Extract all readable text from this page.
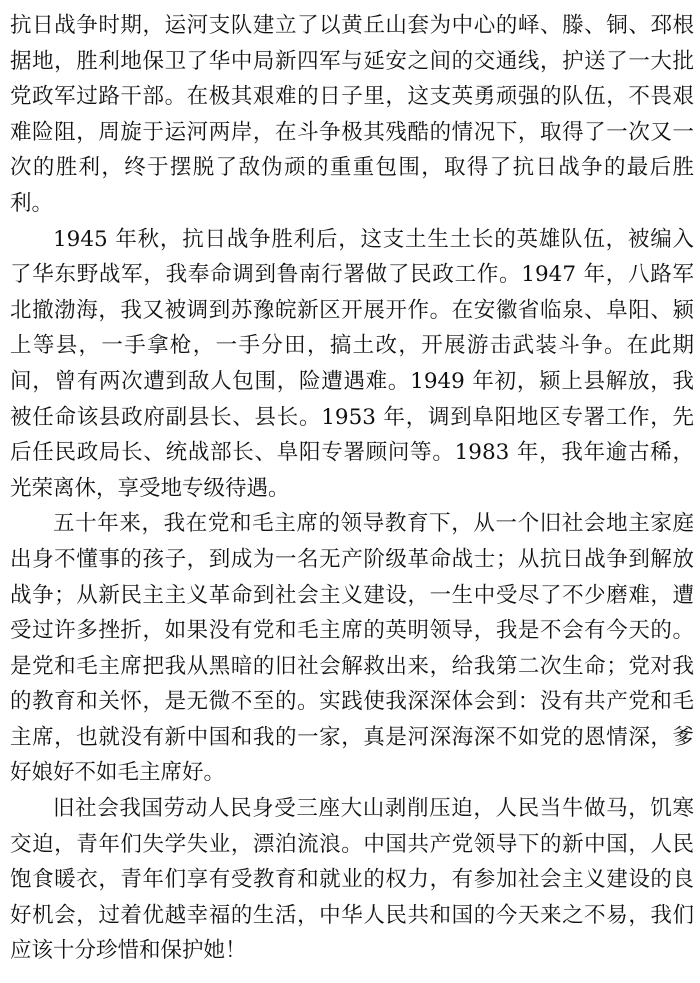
抗日战争时期，运河支队建立了以黄丘山套为中心的峄、滕、铜、邳根据地，胜利地保卫了华中局新四军与延安之间的交通线，护送了一大批党政军过路干部。在极其艰难的日子里，这支英勇顽强的队伍，不畏艰难险阻，周旋于运河两岸，在斗争极其残酷的情况下，取得了一次又一次的胜利，终于摆脱了敌伪顽的重重包围，取得了抗日战争的最后胜利。

1945 年秋，抗日战争胜利后，这支土生土长的英雄队伍，被编入了华东野战军，我奉命调到鲁南行署做了民政工作。1947 年，八路军北撤渤海，我又被调到苏豫皖新区开展开作。在安徽省临泉、阜阳、颍上等县，一手拿枪，一手分田，搞土改，开展游击武装斗争。在此期间，曾有两次遭到敌人包围，险遭遇难。1949 年初，颍上县解放，我被任命该县政府副县长、县长。1953 年，调到阜阳地区专署工作，先后任民政局长、统战部长、阜阳专署顾问等。1983 年，我年逾古稀，光荣离休，享受地专级待遇。

五十年来，我在党和毛主席的领导教育下，从一个旧社会地主家庭出身不懂事的孩子，到成为一名无产阶级革命战士；从抗日战争到解放战争；从新民主主义革命到社会主义建设，一生中受尽了不少磨难，遭受过许多挫折，如果没有党和毛主席的英明领导，我是不会有今天的。是党和毛主席把我从黑暗的旧社会解救出来，给我第二次生命；党对我的教育和关怀，是无微不至的。实践使我深深体会到：没有共产党和毛主席，也就没有新中国和我的一家，真是河深海深不如党的恩情深，爹好娘好不如毛主席好。

旧社会我国劳动人民身受三座大山剥削压迫，人民当牛做马，饥寒交迫，青年们失学失业，漂泊流浪。中国共产党领导下的新中国，人民饱食暖衣，青年们享有受教育和就业的权力，有参加社会主义建设的良好机会，过着优越幸福的生活，中华人民共和国的今天来之不易，我们应该十分珍惜和保护她！
